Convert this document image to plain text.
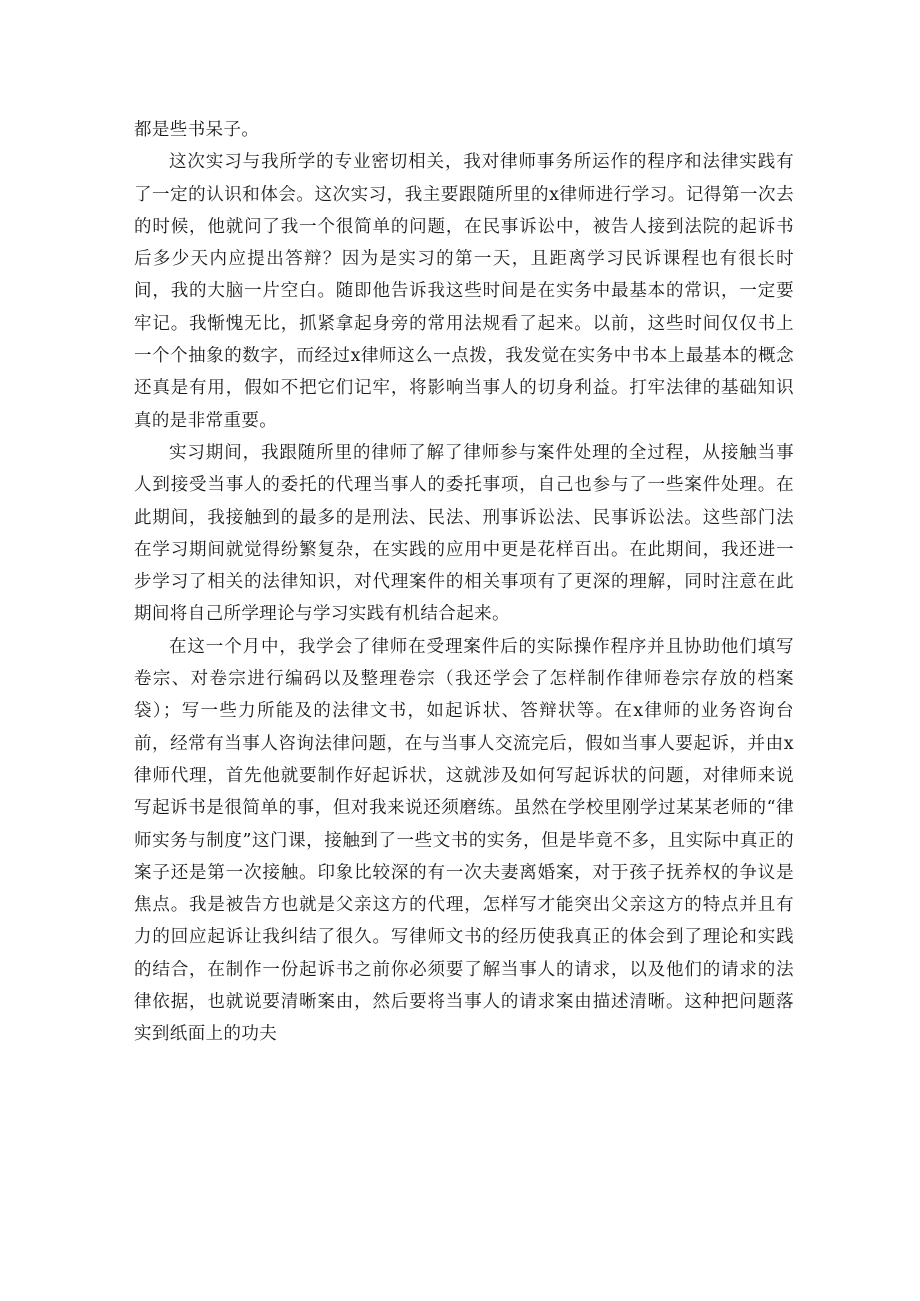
都是些书呆子。

这次实习与我所学的专业密切相关，我对律师事务所运作的程序和法律实践有了一定的认识和体会。这次实习，我主要跟随所里的x律师进行学习。记得第一次去的时候，他就问了我一个很简单的问题，在民事诉讼中，被告人接到法院的起诉书后多少天内应提出答辩？因为是实习的第一天，且距离学习民诉课程也有很长时间，我的大脑一片空白。随即他告诉我这些时间是在实务中最基本的常识，一定要牢记。我惭愧无比，抓紧拿起身旁的常用法规看了起来。以前，这些时间仅仅书上一个个抽象的数字，而经过x律师这么一点拨，我发觉在实务中书本上最基本的概念还真是有用，假如不把它们记牢，将影响当事人的切身利益。打牢法律的基础知识真的是非常重要。

实习期间，我跟随所里的律师了解了律师参与案件处理的全过程，从接触当事人到接受当事人的委托的代理当事人的委托事项，自己也参与了一些案件处理。在此期间，我接触到的最多的是刑法、民法、刑事诉讼法、民事诉讼法。这些部门法在学习期间就觉得纷繁复杂，在实践的应用中更是花样百出。在此期间，我还进一步学习了相关的法律知识，对代理案件的相关事项有了更深的理解，同时注意在此期间将自己所学理论与学习实践有机结合起来。

在这一个月中，我学会了律师在受理案件后的实际操作程序并且协助他们填写卷宗、对卷宗进行编码以及整理卷宗（我还学会了怎样制作律师卷宗存放的档案袋）；写一些力所能及的法律文书，如起诉状、答辩状等。在x律师的业务咨询台前，经常有当事人咨询法律问题，在与当事人交流完后，假如当事人要起诉，并由x律师代理，首先他就要制作好起诉状，这就涉及如何写起诉状的问题，对律师来说写起诉书是很简单的事，但对我来说还须磨练。虽然在学校里刚学过某某老师的“律师实务与制度”这门课，接触到了一些文书的实务，但是毕竟不多，且实际中真正的案子还是第一次接触。印象比较深的有一次夫妻离婚案，对于孩子抚养权的争议是焦点。我是被告方也就是父亲这方的代理，怎样写才能突出父亲这方的特点并且有力的回应起诉让我纠结了很久。写律师文书的经历使我真正的体会到了理论和实践的结合，在制作一份起诉书之前你必须要了解当事人的请求，以及他们的请求的法律依据，也就说要清晰案由，然后要将当事人的请求案由描述清晰。这种把问题落实到纸面上的功夫
